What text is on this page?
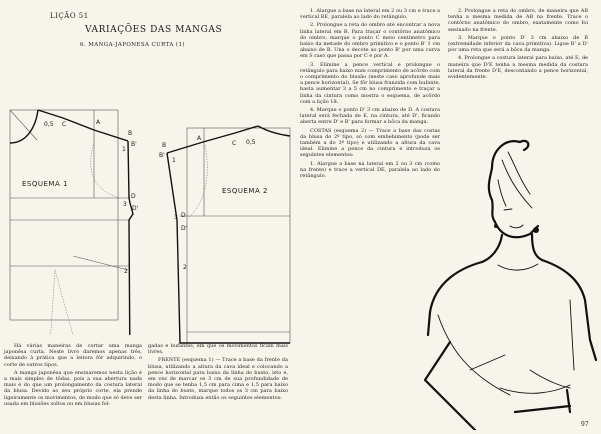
LIÇÃO 51
VARIAÇÕES DAS MANGAS
6. MANGA-JAPONESA CURTA (1)
0,5 C	A
B
B'
1
D
3
D'
2
ESQUEMA 1
A
C 0,5
B
B'
1
D
3
D'
2
ESQUEMA 2

Há várias maneiras de cortar uma manga japonêsa curta. Neste livro daremos apenas três, deixando à prática que a leitora fôr adquirindo, o corte de outros tipos.

A manga japonêsa que ensinaremos nesta lição é a mais simples de tôdas, pois a sua abertura nada mais é do que um prolongamento da costura lateral da blusa. Devido ao seu próprio corte, ela prende ligeiramente os movimentos, de modo que só deve ser usada em blusões soltos ou em blusas fol-

gadas e bufantes, em que os movimentos ficam mais livres.

FRENTE (esquema 1) — Trace a base da frente da blusa, utilizando a altura da cava ideal e colocando a pence horizontal para baixo da linha do busto, isto é, em vez de marcar os 3 cm de sua profundidade de modo que se tenha 1,5 cm para cima e 1,5 para baixo da linha do busto, marque todos os 3 cm para baixo desta linha. Introduza então os seguintes elementos:

1. Alargue a base na lateral em 2 ou 3 cm e trace a vertical BE, paralela ao lado do retângulo.

2. Prolongue a reta do ombro até encontrar a nova linha lateral em B. Para traçar o contôrno anatômico do ombro, marque o ponto C meio centímetro para baixo da metade do ombro primitivo e o ponto B' 1 cm abaixo de B. Una o decote ao ponto B' por uma curva em S raso que passa por C e por A.

3. Elimine a pence vertical e prolongue o retângulo para baixo num comprimento de acôrdo com o comprimento do blusão (neste caso aprofunde mais a pence horizontal). Se fôr blusa franzida com bufante, basta aumentar 3 a 5 cm no comprimento e traçar a linha da cintura como mostra o esquema, de acôrdo com a lição 18.

4. Marque o ponto D' 3 cm abaixo de D. A costura lateral será fechada de E, na cintura, até D', ficando aberta entre D' e B' para formar a bôca da manga.

COSTAS (esquema 2) — Trace a base das costas da blusa do 2º tipo, só com embebimento (pode ser também a do 3º tipo) e utilizando a altura da cava ideal. Elimine a pence da cintura e introduza os seguintes elementos:

1. Alargue a base na lateral em 2 ou 3 cm (como na frente) e trace a vertical DE, paralela ao lado do retângulo.

2. Prolongue a reta do ombro, de maneira que AB tenha a mesma medida de AB na frente. Trace o contôrno anatômico do ombro, exatamente como foi ensinado na frente.

3. Marque o ponto D' 3 cm abaixo de B (extremidade inferior da cava primitiva). Ligue B' a D' por uma reta que será a bôca da manga.

4. Prolongue a costura lateral para baixo, até E, de maneira que D'E tenha a mesma medida da costura lateral da frente D'E, descontando a pence horizontal, evidentemente.

97
